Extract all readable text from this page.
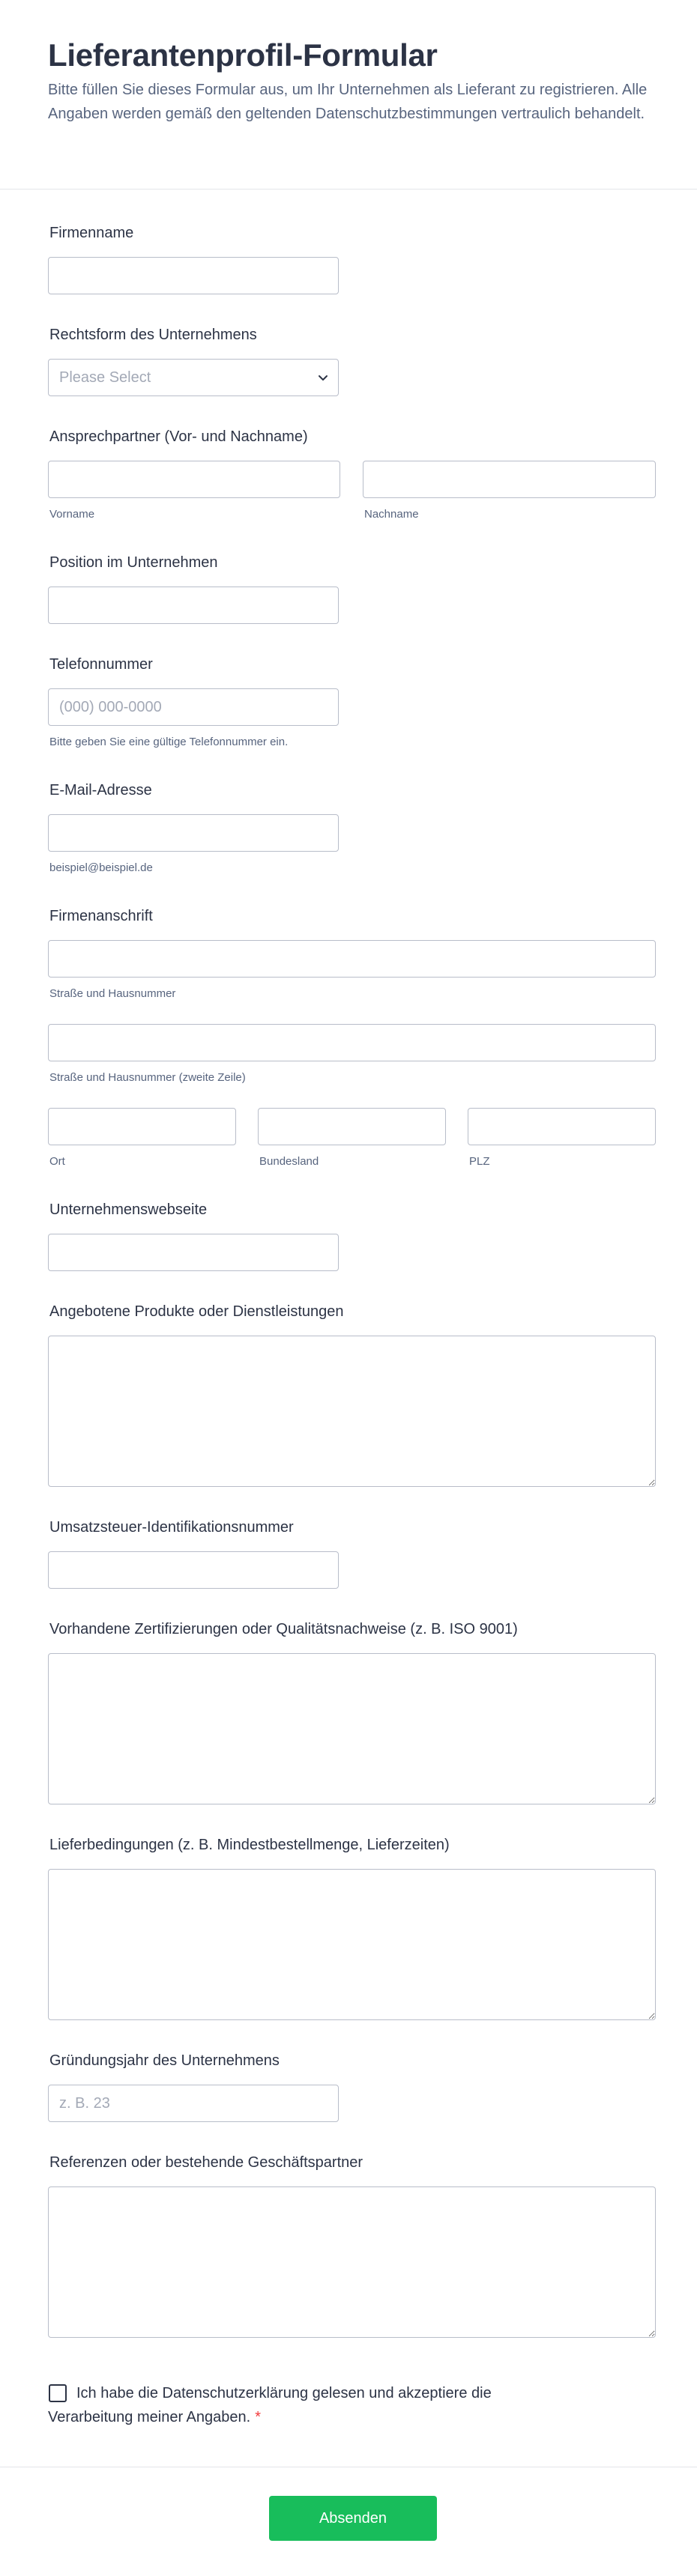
Lieferantenprofil-Formular
Bitte füllen Sie dieses Formular aus, um Ihr Unternehmen als Lieferant zu registrieren. Alle Angaben werden gemäß den geltenden Datenschutzbestimmungen vertraulich behandelt.
Firmenname
Rechtsform des Unternehmens
Please Select
Ansprechpartner (Vor- und Nachname)
Vorname	Nachname
Position im Unternehmen
Telefonnummer
(000) 000-0000
Bitte geben Sie eine gültige Telefonnummer ein.
E-Mail-Adresse
beispiel@beispiel.de
Firmenanschrift
Straße und Hausnummer
Straße und Hausnummer (zweite Zeile)
Ort	Bundesland	PLZ
Unternehmenswebseite
Angebotene Produkte oder Dienstleistungen
Umsatzsteuer-Identifikationsnummer
Vorhandene Zertifizierungen oder Qualitätsnachweise (z. B. ISO 9001)
Lieferbedingungen (z. B. Mindestbestellmenge, Lieferzeiten)
Gründungsjahr des Unternehmens
z. B. 23
Referenzen oder bestehende Geschäftspartner
Ich habe die Datenschutzerklärung gelesen und akzeptiere die Verarbeitung meiner Angaben. *
Absenden
